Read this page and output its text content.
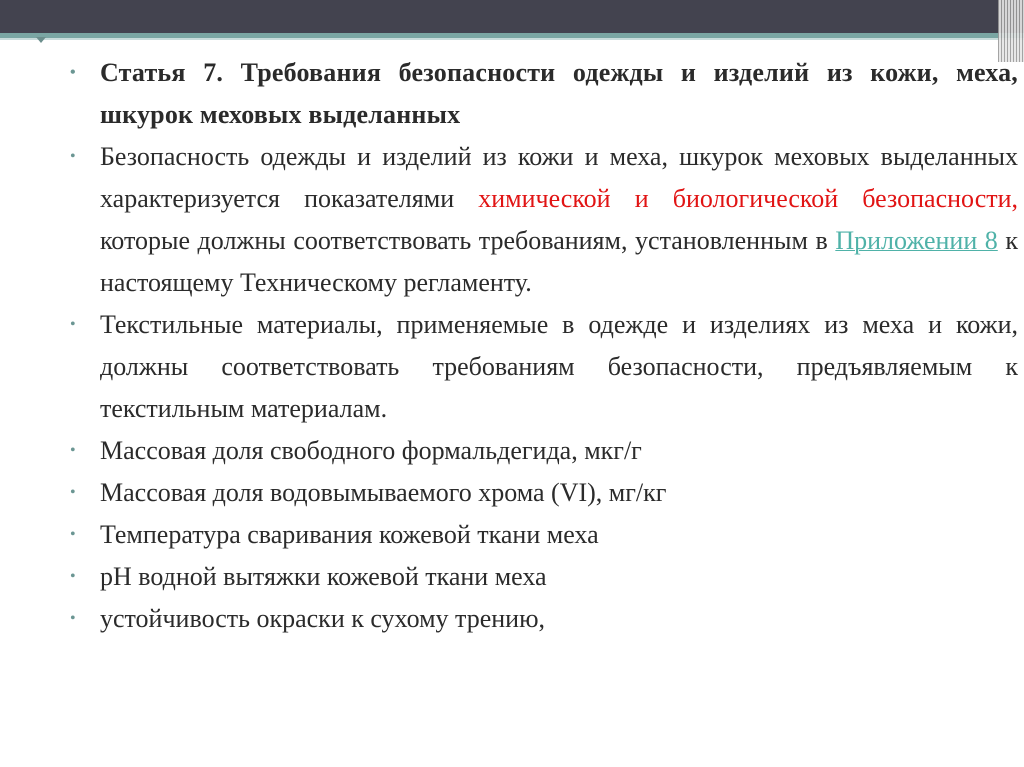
• Статья 7. Требования безопасности одежды и изделий из кожи, меха, шкурок меховых выделанных
• Безопасность одежды и изделий из кожи и меха, шкурок меховых выделанных характеризуется показателями химической и биологической безопасности, которые должны соответствовать требованиям, установленным в Приложении 8 к настоящему Техническому регламенту.
• Текстильные материалы, применяемые в одежде и изделиях из меха и кожи, должны соответствовать требованиям безопасности, предъявляемым к текстильным материалам.
• Массовая доля свободного формальдегида, мкг/г
• Массовая доля водовымываемого хрома (VI), мг/кг
• Температура сваривания кожевой ткани меха
• pH водной вытяжки кожевой ткани меха
• устойчивость окраски к сухому трению,
